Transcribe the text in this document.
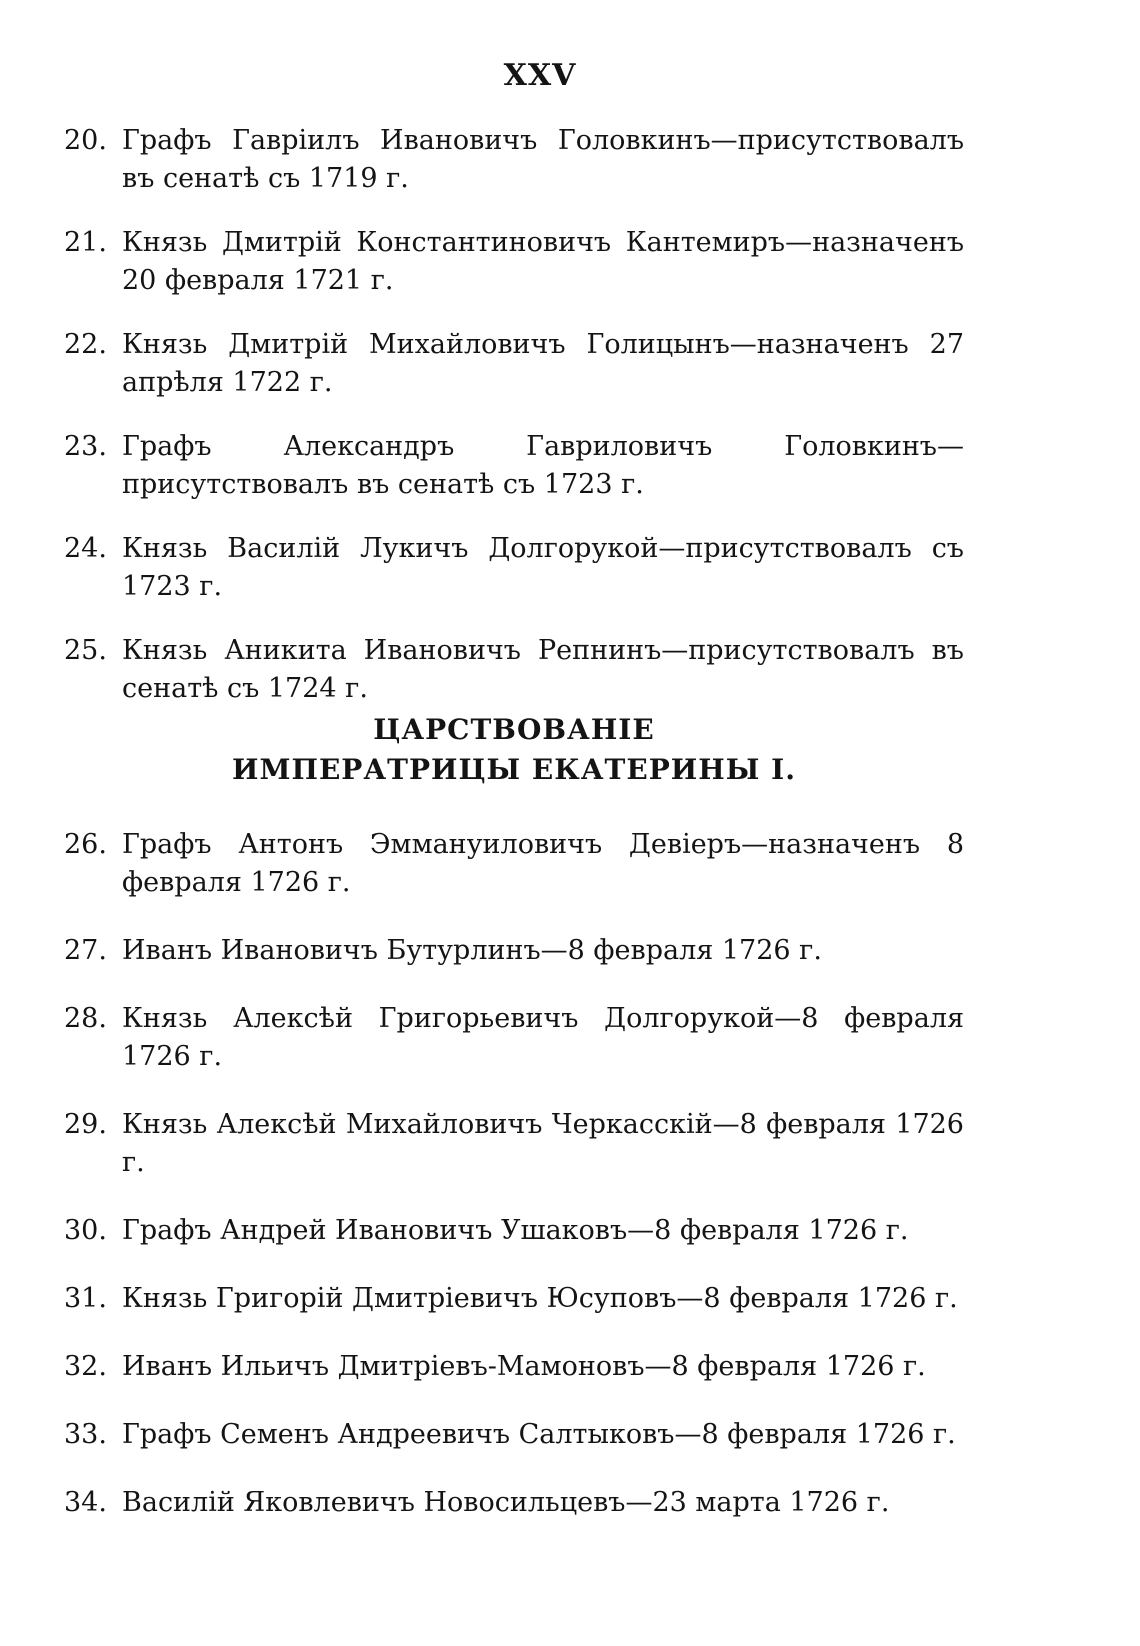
XXV
20. Графъ Гавріилъ Ивановичъ Головкинъ—присутствовалъ въ сенатѣ съ 1719 г.
21. Князь Дмитрій Константиновичъ Кантемиръ—назначенъ 20 февраля 1721 г.
22. Князь Дмитрій Михайловичъ Голицынъ—назначенъ 27 апрѣля 1722 г.
23. Графъ Александръ Гавриловичъ Головкинъ—присутствовалъ въ сенатѣ съ 1723 г.
24. Князь Василій Лукичъ Долгорукой—присутствовалъ съ 1723 г.
25. Князь Аникита Ивановичъ Репнинъ—присутствовалъ въ сенатѣ съ 1724 г.
ЦАРСТВОВАНІЕ
ИМПЕРАТРИЦЫ ЕКАТЕРИНЫ I.
26. Графъ Антонъ Эммануиловичъ Девіеръ—назначенъ 8 февраля 1726 г.
27. Иванъ Ивановичъ Бутурлинъ—8 февраля 1726 г.
28. Князь Алексѣй Григорьевичъ Долгорукой—8 февраля 1726 г.
29. Князь Алексѣй Михайловичъ Черкасскій—8 февраля 1726 г.
30. Графъ Андрей Ивановичъ Ушаковъ—8 февраля 1726 г.
31. Князь Григорій Дмитріевичъ Юсуповъ—8 февраля 1726 г.
32. Иванъ Ильичъ Дмитріевъ-Мамоновъ—8 февраля 1726 г.
33. Графъ Семенъ Андреевичъ Салтыковъ—8 февраля 1726 г.
34. Василій Яковлевичъ Новосильцевъ—23 марта 1726 г.
